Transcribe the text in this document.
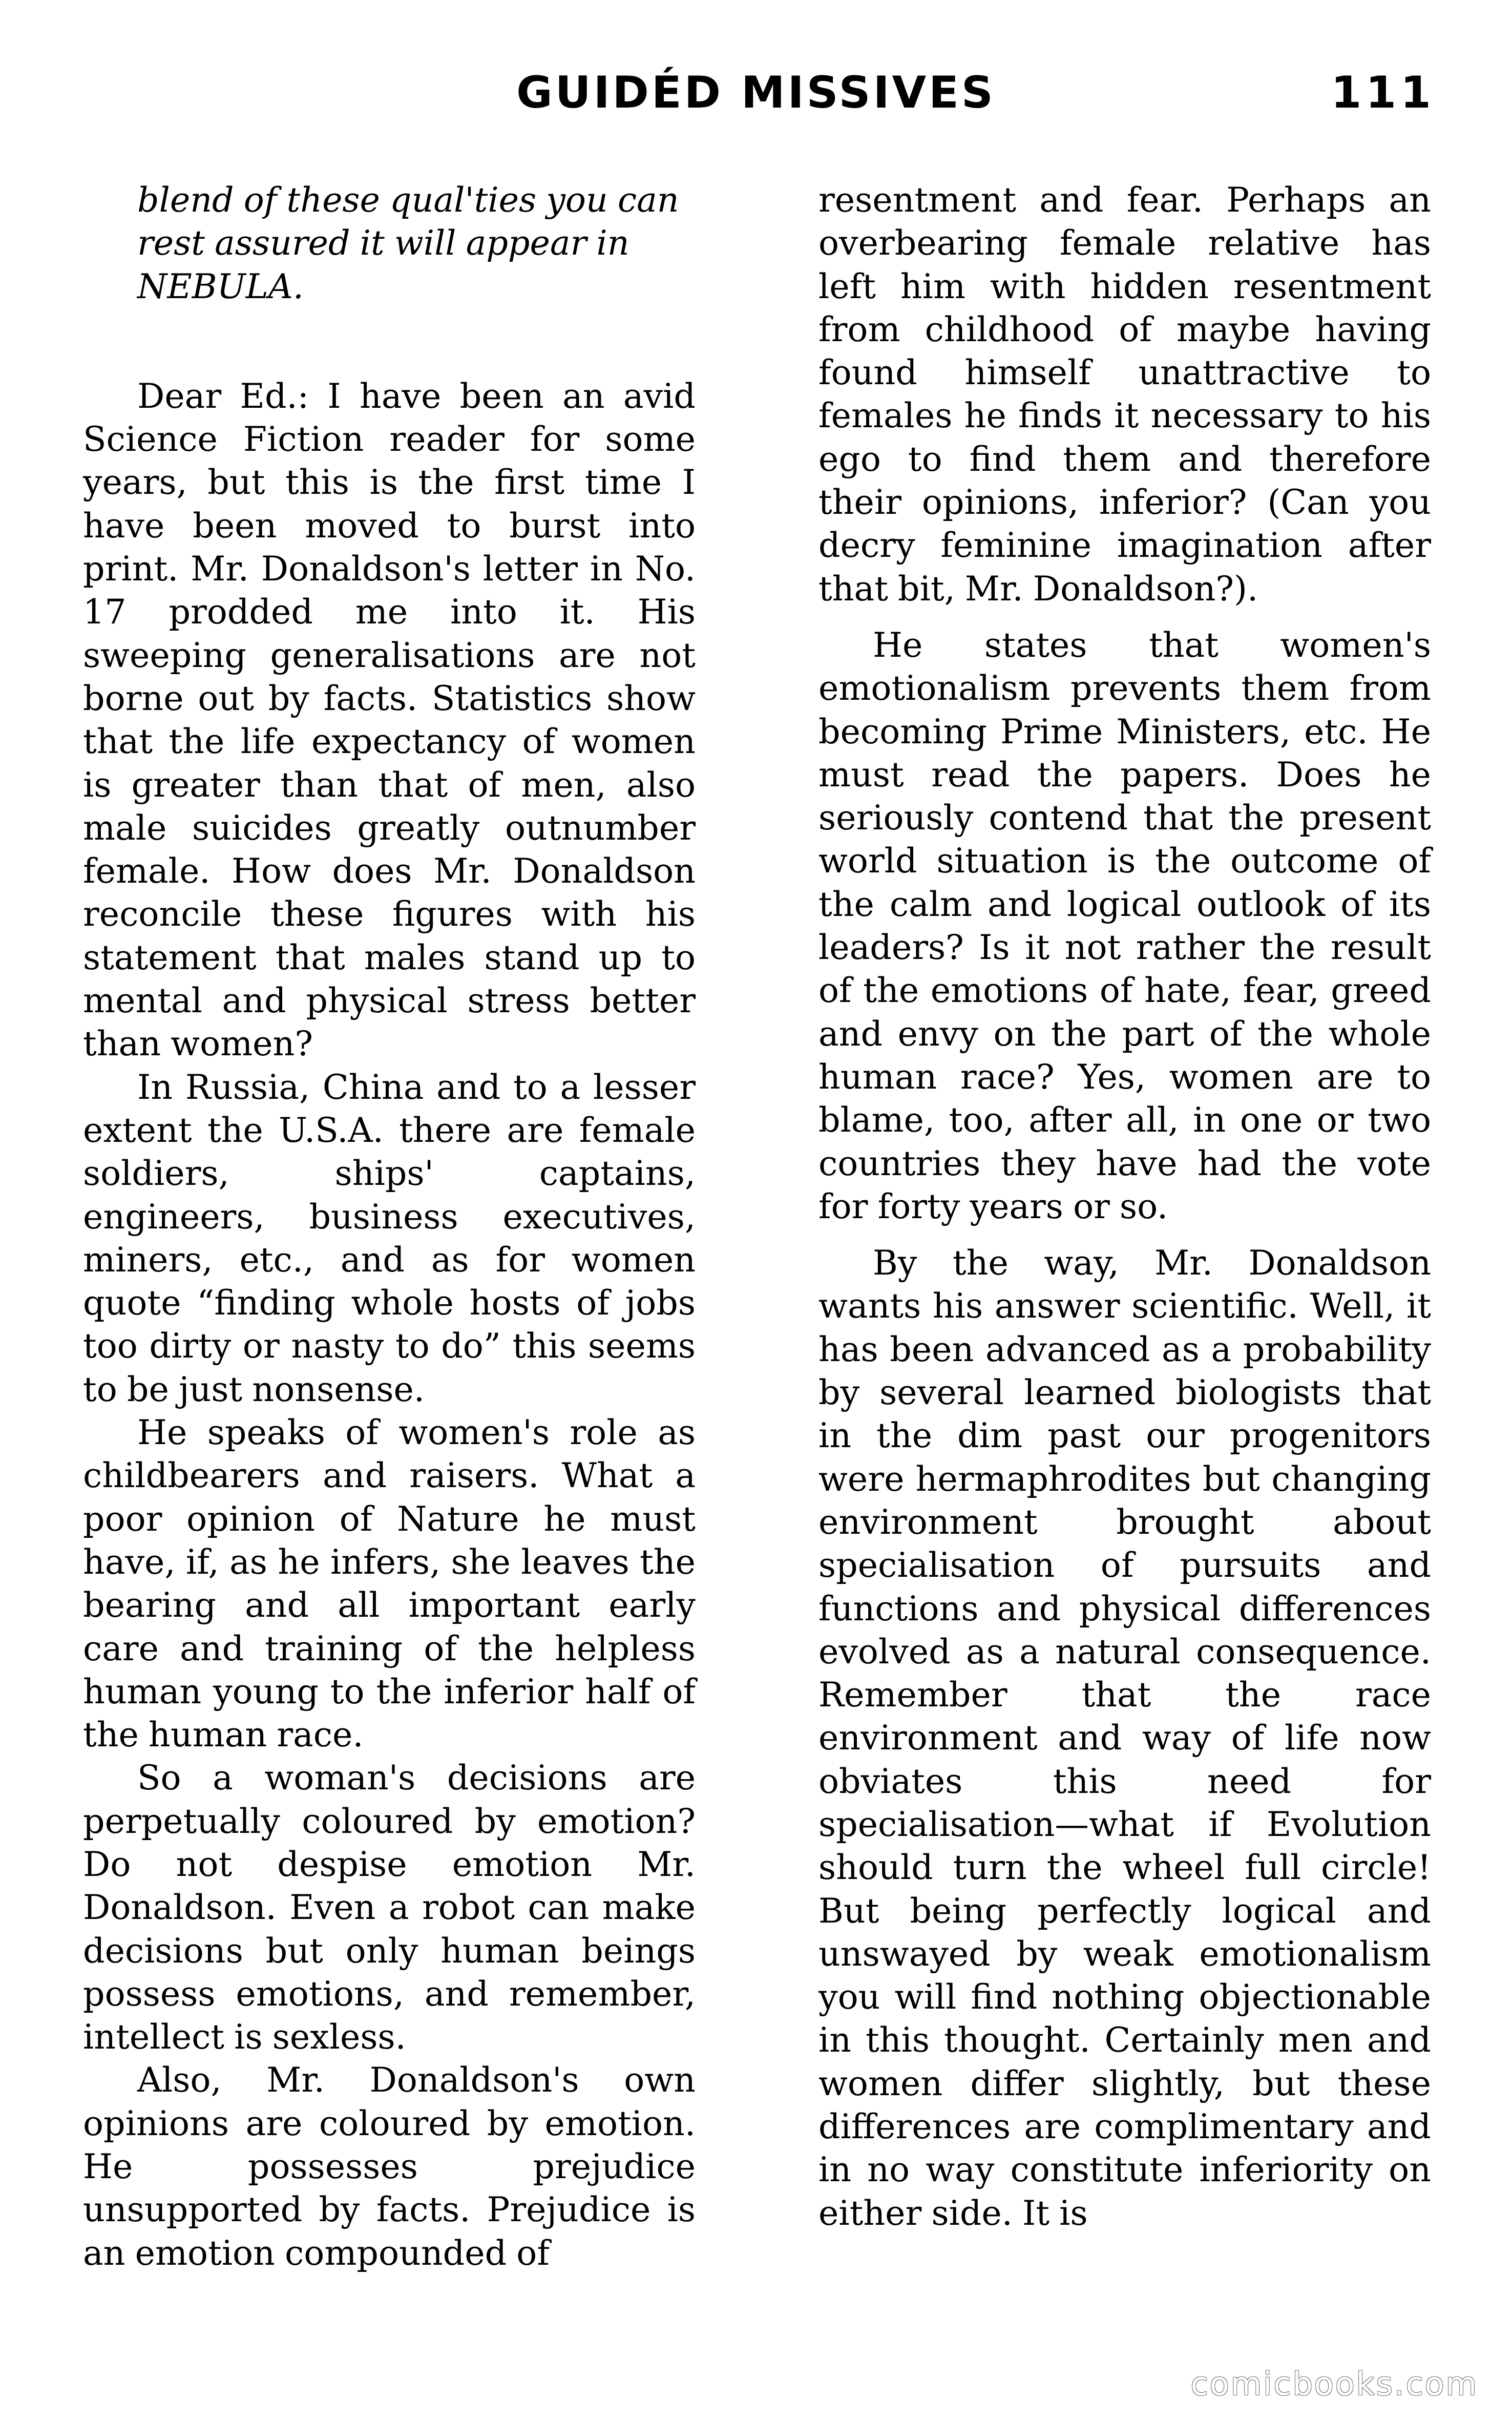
GUIDÉD MISSIVES	111

blend of these qual'ties you can rest assured it will appear in NEBULA.

Dear Ed.: I have been an avid Science Fiction reader for some years, but this is the first time I have been moved to burst into print. Mr. Donaldson's letter in No. 17 prodded me into it. His sweeping generalisations are not borne out by facts. Statistics show that the life expectancy of women is greater than that of men, also male suicides greatly outnumber female. How does Mr. Donaldson reconcile these figures with his statement that males stand up to mental and physical stress better than women?

In Russia, China and to a lesser extent the U.S.A. there are female soldiers, ships' captains, engineers, business executives, miners, etc., and as for women quote “finding whole hosts of jobs too dirty or nasty to do” this seems to be just nonsense.

He speaks of women's role as childbearers and raisers. What a poor opinion of Nature he must have, if, as he infers, she leaves the bearing and all important early care and training of the helpless human young to the inferior half of the human race.

So a woman's decisions are perpetually coloured by emotion? Do not despise emotion Mr. Donaldson. Even a robot can make decisions but only human beings possess emotions, and remember, intellect is sexless.

Also, Mr. Donaldson's own opinions are coloured by emotion. He possesses prejudice unsupported by facts. Prejudice is an emotion compounded of

resentment and fear. Perhaps an overbearing female relative has left him with hidden resentment from childhood of maybe having found himself unattractive to females he finds it necessary to his ego to find them and therefore their opinions, inferior? (Can you decry feminine imagination after that bit, Mr. Donaldson?).

He states that women's emotionalism prevents them from becoming Prime Ministers, etc. He must read the papers. Does he seriously contend that the present world situation is the outcome of the calm and logical outlook of its leaders? Is it not rather the result of the emotions of hate, fear, greed and envy on the part of the whole human race? Yes, women are to blame, too, after all, in one or two countries they have had the vote for forty years or so.

By the way, Mr. Donaldson wants his answer scientific. Well, it has been advanced as a probability by several learned biologists that in the dim past our progenitors were hermaphrodites but changing environment brought about specialisation of pursuits and functions and physical differences evolved as a natural consequence. Remember that the race environment and way of life now obviates this need for specialisation—what if Evolution should turn the wheel full circle! But being perfectly logical and unswayed by weak emotionalism you will find nothing objectionable in this thought. Certainly men and women differ slightly, but these differences are complimentary and in no way constitute inferiority on either side. It is

comicbooks.com
